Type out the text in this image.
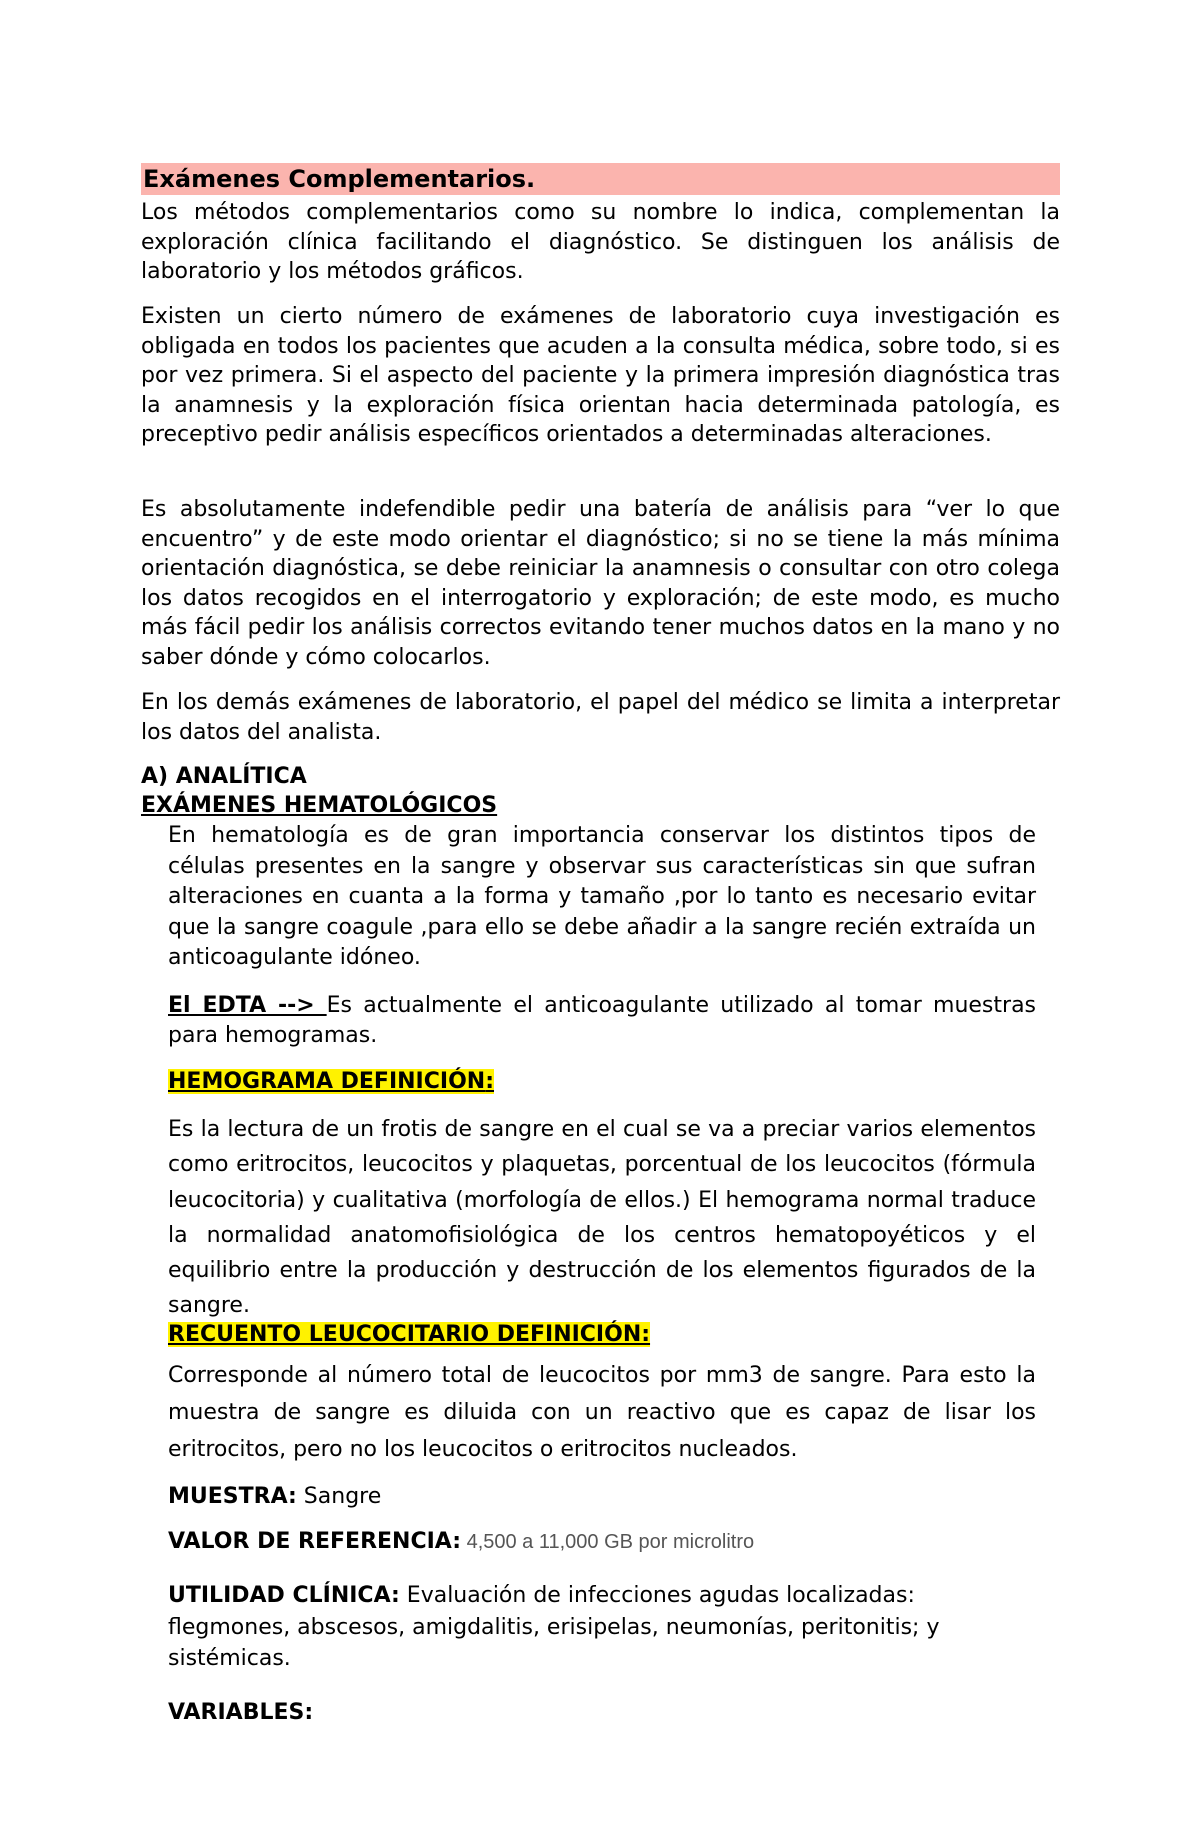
Exámenes Complementarios.
Los métodos complementarios como su nombre lo indica, complementan la exploración clínica facilitando el diagnóstico. Se distinguen los análisis de laboratorio y los métodos gráficos.
Existen un cierto número de exámenes de laboratorio cuya investigación es obligada en todos los pacientes que acuden a la consulta médica, sobre todo, si es por vez primera. Si el aspecto del paciente y la primera impresión diagnóstica tras la anamnesis y la exploración física orientan hacia determinada patología, es preceptivo pedir análisis específicos orientados a determinadas alteraciones.
Es absolutamente indefendible pedir una batería de análisis para “ver lo que encuentro” y de este modo orientar el diagnóstico; si no se tiene la más mínima orientación diagnóstica, se debe reiniciar la anamnesis o consultar con otro colega los datos recogidos en el interrogatorio y exploración; de este modo, es mucho más fácil pedir los análisis correctos evitando tener muchos datos en la mano y no saber dónde y cómo colocarlos.
En los demás exámenes de laboratorio, el papel del médico se limita a interpretar los datos del analista.
A) ANALÍTICA
EXÁMENES HEMATOLÓGICOS
En hematología es de gran importancia conservar los distintos tipos de células presentes en la sangre y observar sus características sin que sufran alteraciones en cuanta a la forma y tamaño ,por lo tanto es necesario evitar que la sangre coagule ,para ello se debe añadir a la sangre recién extraída un anticoagulante idóneo.
El EDTA --> Es actualmente el anticoagulante utilizado al tomar muestras para hemogramas.
HEMOGRAMA DEFINICIÓN:
Es la lectura de un frotis de sangre en el cual se va a preciar varios elementos como eritrocitos, leucocitos y plaquetas, porcentual de los leucocitos (fórmula leucocitoria) y cualitativa (morfología de ellos.) El hemograma normal traduce la normalidad anatomofisiológica de los centros hematopoyéticos y el equilibrio entre la producción y destrucción de los elementos figurados de la sangre.
RECUENTO LEUCOCITARIO DEFINICIÓN:
Corresponde al número total de leucocitos por mm3 de sangre. Para esto la muestra de sangre es diluida con un reactivo que es capaz de lisar los eritrocitos, pero no los leucocitos o eritrocitos nucleados.
MUESTRA: Sangre
VALOR DE REFERENCIA: 4,500 a 11,000 GB por microlitro
UTILIDAD CLÍNICA: Evaluación de infecciones agudas localizadas: flegmones, abscesos, amigdalitis, erisipelas, neumonías, peritonitis; y sistémicas.
VARIABLES:
